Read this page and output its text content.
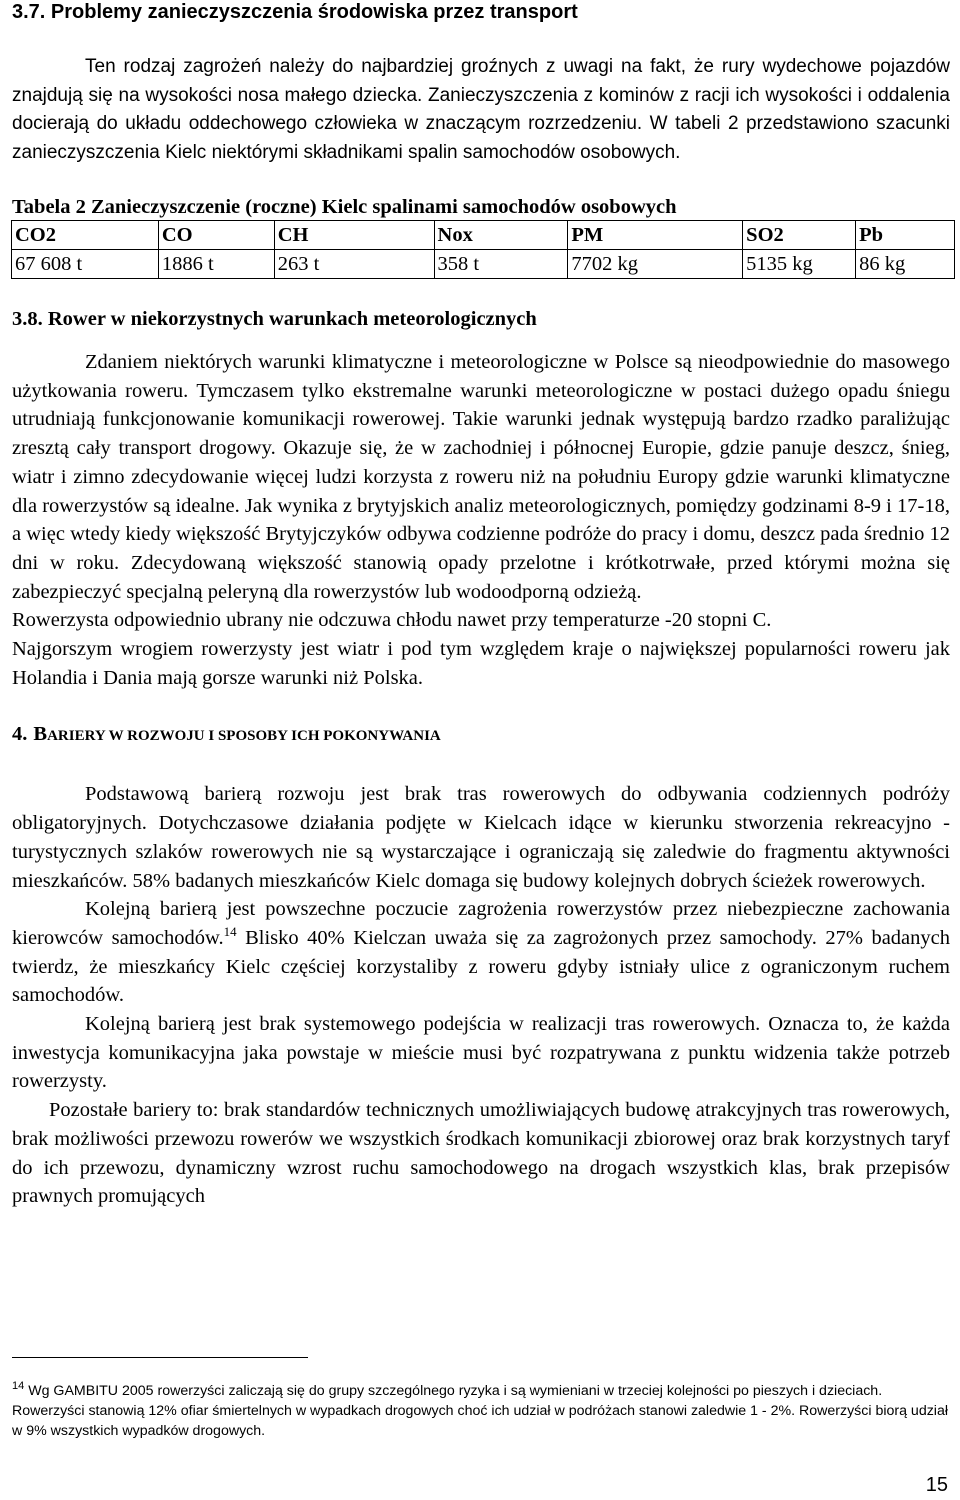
3.7. Problemy zanieczyszczenia środowiska przez transport

Ten rodzaj zagrożeń należy do najbardziej groźnych z uwagi na fakt, że rury wydechowe pojazdów znajdują się na wysokości nosa małego dziecka. Zanieczyszczenia z kominów z racji ich wysokości i oddalenia docierają do układu oddechowego człowieka w znaczącym rozrzedzeniu. W tabeli 2 przedstawiono szacunki zanieczyszczenia Kielc niektórymi składnikami spalin samochodów osobowych.

Tabela 2 Zanieczyszczenie (roczne) Kielc spalinami samochodów osobowych

CO2	CO	CH	Nox	PM	SO2	Pb
67 608 t	1886 t	263 t	358 t	7702 kg	5135 kg	86 kg
3.8. Rower w niekorzystnych warunkach meteorologicznych

Zdaniem niektórych warunki klimatyczne i meteorologiczne w Polsce są nieodpowiednie do masowego użytkowania roweru. Tymczasem tylko ekstremalne warunki meteorologiczne w postaci dużego opadu śniegu utrudniają funkcjonowanie komunikacji rowerowej. Takie warunki jednak występują bardzo rzadko paraliżując zresztą cały transport drogowy. Okazuje się, że w zachodniej i północnej Europie, gdzie panuje deszcz, śnieg, wiatr i zimno zdecydowanie więcej ludzi korzysta z roweru niż na południu Europy gdzie warunki klimatyczne dla rowerzystów są idealne. Jak wynika z brytyjskich analiz meteorologicznych, pomiędzy godzinami 8-9 i 17-18, a więc wtedy kiedy większość Brytyjczyków odbywa codzienne podróże do pracy i domu, deszcz pada średnio 12 dni w roku. Zdecydowaną większość stanowią opady przelotne i krótkotrwałe, przed którymi można się zabezpieczyć specjalną peleryną dla rowerzystów lub wodoodporną odzieżą.

Rowerzysta odpowiednio ubrany nie odczuwa chłodu nawet przy temperaturze -20 stopni C.

Najgorszym wrogiem rowerzysty jest wiatr i pod tym względem kraje o największej popularności roweru jak Holandia i Dania mają gorsze warunki niż Polska.

4. BARIERY W ROZWOJU I SPOSOBY ICH POKONYWANIA

Podstawową barierą rozwoju jest brak tras rowerowych do odbywania codziennych podróży obligatoryjnych. Dotychczasowe działania podjęte w Kielcach idące w kierunku stworzenia rekreacyjno - turystycznych szlaków rowerowych nie są wystarczające i ograniczają się zaledwie do fragmentu aktywności mieszkańców. 58% badanych mieszkańców Kielc domaga się budowy kolejnych dobrych ścieżek rowerowych.

Kolejną barierą jest powszechne poczucie zagrożenia rowerzystów przez niebezpieczne zachowania kierowców samochodów.$^{14}$ Blisko 40% Kielczan uważa się za zagrożonych przez samochody. 27% badanych twierdz, że mieszkańcy Kielc częściej korzystaliby z roweru gdyby istniały ulice z ograniczonym ruchem samochodów.

Kolejną barierą jest brak systemowego podejścia w realizacji tras rowerowych. Oznacza to, że każda inwestycja komunikacyjna jaka powstaje w mieście musi być rozpatrywana z punktu widzenia także potrzeb rowerzysty.

Pozostałe bariery to: brak standardów technicznych umożliwiających budowę atrakcyjnych tras rowerowych, brak możliwości przewozu rowerów we wszystkich środkach komunikacji zbiorowej oraz brak korzystnych taryf do ich przewozu, dynamiczny wzrost ruchu samochodowego na drogach wszystkich klas, brak przepisów prawnych promujących

$^{14}$ Wg GAMBITU 2005 rowerzyści zaliczają się do grupy szczególnego ryzyka i są wymieniani w trzeciej kolejności po pieszych i dzieciach. Rowerzyści stanowią 12% ofiar śmiertelnych w wypadkach drogowych choć ich udział w podróżach stanowi zaledwie 1 - 2%. Rowerzyści biorą udział w 9% wszystkich wypadków drogowych.

15
